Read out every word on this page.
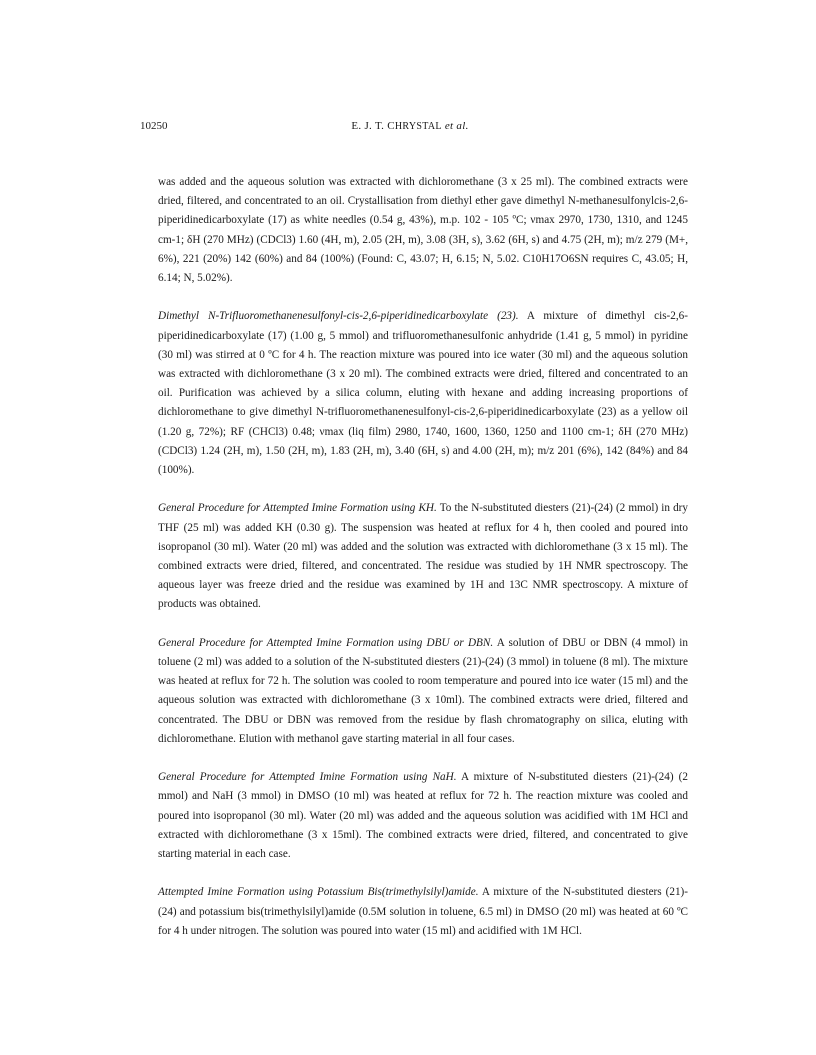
10250	E. J. T. CHRYSTAL et al.

was added and the aqueous solution was extracted with dichloromethane (3 x 25 ml). The combined extracts were dried, filtered, and concentrated to an oil. Crystallisation from diethyl ether gave dimethyl N-methanesulfonylcis-2,6-piperidinedicarboxylate (17) as white needles (0.54 g, 43%), m.p. 102 - 105 ºC; νmax 2970, 1730, 1310, and 1245 cm-1; δH (270 MHz) (CDCl3) 1.60 (4H, m), 2.05 (2H, m), 3.08 (3H, s), 3.62 (6H, s) and 4.75 (2H, m); m/z 279 (M+, 6%), 221 (20%) 142 (60%) and 84 (100%) (Found: C, 43.07; H, 6.15; N, 5.02. C10H17O6SN requires C, 43.05; H, 6.14; N, 5.02%).

Dimethyl N-Trifluoromethanenesulfonyl-cis-2,6-piperidinedicarboxylate (23). A mixture of dimethyl cis-2,6-piperidinedicarboxylate (17) (1.00 g, 5 mmol) and trifluoromethanesulfonic anhydride (1.41 g, 5 mmol) in pyridine (30 ml) was stirred at 0 ºC for 4 h. The reaction mixture was poured into ice water (30 ml) and the aqueous solution was extracted with dichloromethane (3 x 20 ml). The combined extracts were dried, filtered and concentrated to an oil. Purification was achieved by a silica column, eluting with hexane and adding increasing proportions of dichloromethane to give dimethyl N-trifluoromethanenesulfonyl-cis-2,6-piperidinedicarboxylate (23) as a yellow oil (1.20 g, 72%); RF (CHCl3) 0.48; νmax (liq film) 2980, 1740, 1600, 1360, 1250 and 1100 cm-1; δH (270 MHz) (CDCl3) 1.24 (2H, m), 1.50 (2H, m), 1.83 (2H, m), 3.40 (6H, s) and 4.00 (2H, m); m/z 201 (6%), 142 (84%) and 84 (100%).

General Procedure for Attempted Imine Formation using KH. To the N-substituted diesters (21)-(24) (2 mmol) in dry THF (25 ml) was added KH (0.30 g). The suspension was heated at reflux for 4 h, then cooled and poured into isopropanol (30 ml). Water (20 ml) was added and the solution was extracted with dichloromethane (3 x 15 ml). The combined extracts were dried, filtered, and concentrated. The residue was studied by 1H NMR spectroscopy. The aqueous layer was freeze dried and the residue was examined by 1H and 13C NMR spectroscopy. A mixture of products was obtained.

General Procedure for Attempted Imine Formation using DBU or DBN. A solution of DBU or DBN (4 mmol) in toluene (2 ml) was added to a solution of the N-substituted diesters (21)-(24) (3 mmol) in toluene (8 ml). The mixture was heated at reflux for 72 h. The solution was cooled to room temperature and poured into ice water (15 ml) and the aqueous solution was extracted with dichloromethane (3 x 10ml). The combined extracts were dried, filtered and concentrated. The DBU or DBN was removed from the residue by flash chromatography on silica, eluting with dichloromethane. Elution with methanol gave starting material in all four cases.

General Procedure for Attempted Imine Formation using NaH. A mixture of N-substituted diesters (21)-(24) (2 mmol) and NaH (3 mmol) in DMSO (10 ml) was heated at reflux for 72 h. The reaction mixture was cooled and poured into isopropanol (30 ml). Water (20 ml) was added and the aqueous solution was acidified with 1M HCl and extracted with dichloromethane (3 x 15ml). The combined extracts were dried, filtered, and concentrated to give starting material in each case.

Attempted Imine Formation using Potassium Bis(trimethylsilyl)amide. A mixture of the N-substituted diesters (21)-(24) and potassium bis(trimethylsilyl)amide (0.5M solution in toluene, 6.5 ml) in DMSO (20 ml) was heated at 60 ºC for 4 h under nitrogen. The solution was poured into water (15 ml) and acidified with 1M HCl.
